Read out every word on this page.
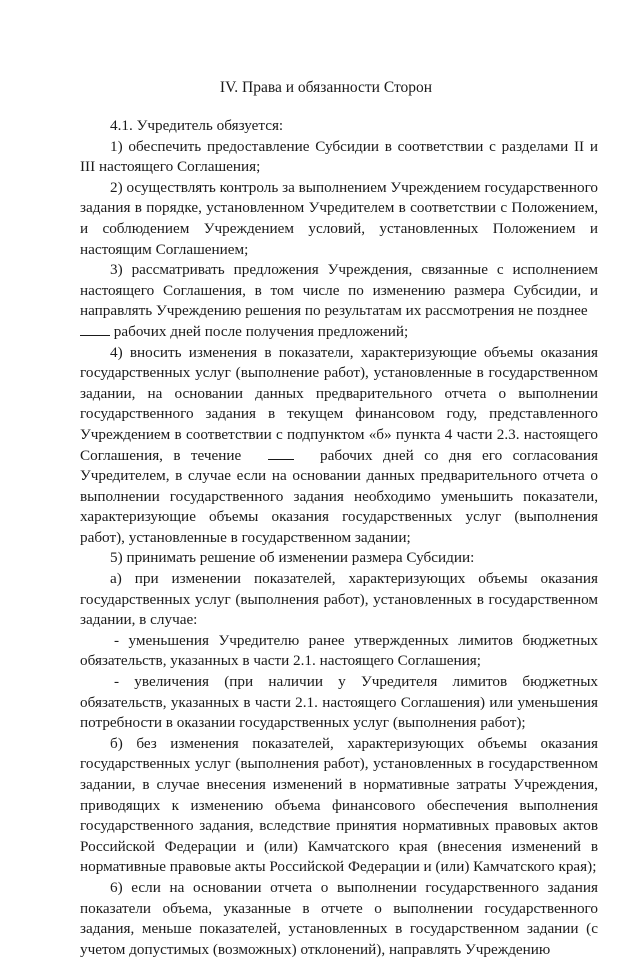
IV. Права и обязанности Сторон

4.1. Учредитель обязуется:

1) обеспечить предоставление Субсидии в соответствии с разделами II и III настоящего Соглашения;

2) осуществлять контроль за выполнением Учреждением государственного задания в порядке, установленном Учредителем в соответствии с Положением, и соблюдением Учреждением условий, установленных Положением и настоящим Соглашением;

3) рассматривать предложения Учреждения, связанные с исполнением настоящего Соглашения, в том числе по изменению размера Субсидии, и направлять Учреждению решения по результатам их рассмотрения не позднее
рабочих дней после получения предложений;

4) вносить изменения в показатели, характеризующие объемы оказания государственных услуг (выполнение работ), установленные в государственном задании, на основании данных предварительного отчета о выполнении государственного задания в текущем финансовом году, представленного Учреждением в соответствии с подпунктом «б» пункта 4 части 2.3. настоящего Соглашения, в течение	рабочих дней со дня его согласования Учредителем, в случае если на основании данных предварительного отчета о выполнении государственного задания необходимо уменьшить показатели, характеризующие объемы оказания государственных услуг (выполнения работ), установленные в государственном задании;

5) принимать решение об изменении размера Субсидии:

а) при изменении показателей, характеризующих объемы оказания государственных услуг (выполнения работ), установленных в государственном задании, в случае:

- уменьшения Учредителю ранее утвержденных лимитов бюджетных обязательств, указанных в части 2.1. настоящего Соглашения;

- увеличения (при наличии у Учредителя лимитов бюджетных обязательств, указанных в части 2.1. настоящего Соглашения) или уменьшения потребности в оказании государственных услуг (выполнения работ);

б) без изменения показателей, характеризующих объемы оказания государственных услуг (выполнения работ), установленных в государственном задании, в случае внесения изменений в нормативные затраты Учреждения, приводящих к изменению объема финансового обеспечения выполнения государственного задания, вследствие принятия нормативных правовых актов Российской Федерации и (или) Камчатского края (внесения изменений в нормативные правовые акты Российской Федерации и (или) Камчатского края);

6) если на основании отчета о выполнении государственного задания показатели объема, указанные в отчете о выполнении государственного задания, меньше показателей, установленных в государственном задании (с учетом допустимых (возможных) отклонений), направлять Учреждению
